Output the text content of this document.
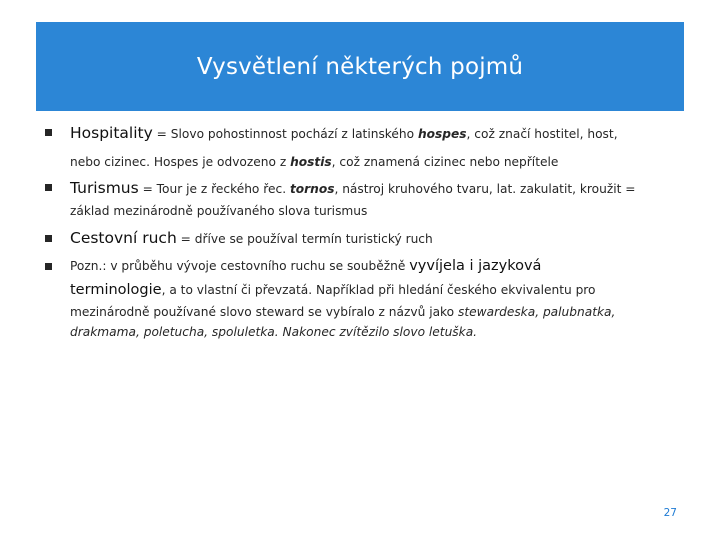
Vysvětlení některých pojmů
Hospitality = Slovo pohostinnost pochází z latinského hospes, což značí hostitel, host,
nebo cizinec. Hospes je odvozeno z hostis, což znamená cizinec nebo nepřítele
Turismus = Tour je z řeckého řec. tornos, nástroj kruhového tvaru, lat. zakulatit, kroužit =
základ mezinárodně používaného slova turismus
Cestovní ruch = dříve se používal termín turistický ruch
Pozn.: v průběhu vývoje cestovního ruchu se souběžně vyvíjela i jazyková
terminologie, a to vlastní či převzatá. Například při hledání českého ekvivalentu pro
mezinárodně používané slovo steward se vybíralo z názvů jako stewardeska, palubnatka,
drakmama, poletucha, spoluletka. Nakonec zvítězilo slovo letuška.
27
